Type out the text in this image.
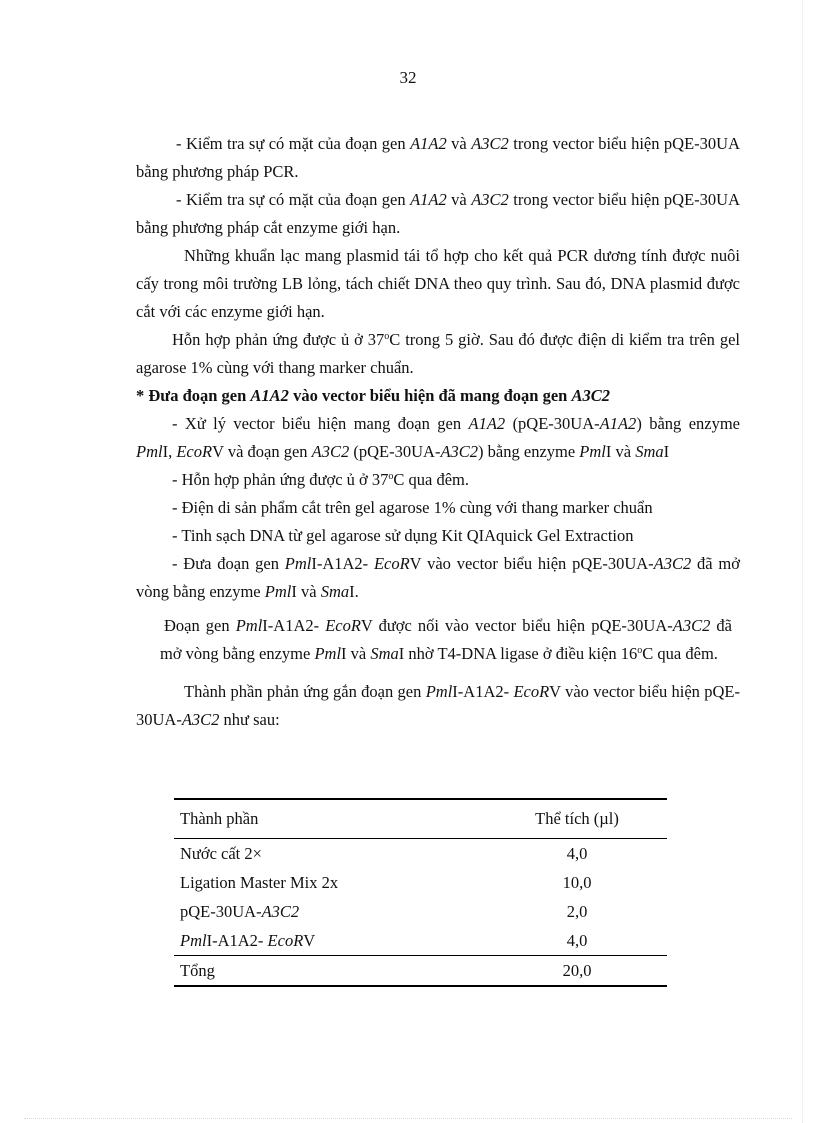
32

- Kiểm tra sự có mặt của đoạn gen A1A2 và A3C2 trong vector biểu hiện pQE-30UA bằng phương pháp PCR.

- Kiểm tra sự có mặt của đoạn gen A1A2 và A3C2 trong vector biểu hiện pQE-30UA bằng phương pháp cắt enzyme giới hạn.

Những khuẩn lạc mang plasmid tái tổ hợp cho kết quả PCR dương tính được nuôi cấy trong môi trường LB lỏng, tách chiết DNA theo quy trình. Sau đó, DNA plasmid được cắt với các enzyme giới hạn.

Hỗn hợp phản ứng được ủ ở 37$^o$C trong 5 giờ. Sau đó được điện di kiểm tra trên gel agarose 1% cùng với thang marker chuẩn.

* Đưa đoạn gen A1A2 vào vector biểu hiện đã mang đoạn gen A3C2

- Xử lý vector biểu hiện mang đoạn gen A1A2 (pQE-30UA-A1A2) bằng enzyme PmlI, EcoRV và đoạn gen A3C2 (pQE-30UA-A3C2) bằng enzyme PmlI và SmaI

- Hỗn hợp phản ứng được ủ ở 37$^o$C qua đêm.

- Điện di sản phẩm cắt trên gel agarose 1% cùng với thang marker chuẩn

- Tinh sạch DNA từ gel agarose sử dụng Kit QIAquick Gel Extraction

- Đưa đoạn gen PmlI-A1A2- EcoRV vào vector biểu hiện pQE-30UA-A3C2 đã mở vòng bằng enzyme PmlI và SmaI.

Đoạn gen PmlI-A1A2- EcoRV được nối vào vector biểu hiện pQE-30UA-A3C2 đã mở vòng bằng enzyme PmlI và SmaI nhờ T4-DNA ligase ở điều kiện 16$^o$C qua đêm.

Thành phần phản ứng gắn đoạn gen PmlI-A1A2- EcoRV vào vector biểu hiện pQE-30UA-A3C2 như sau:

Thành phần	Thể tích (µl)
Nước cất 2×	4,0
Ligation Master Mix 2x	10,0
pQE-30UA-A3C2	2,0
PmlI-A1A2- EcoRV	4,0
Tổng	20,0
